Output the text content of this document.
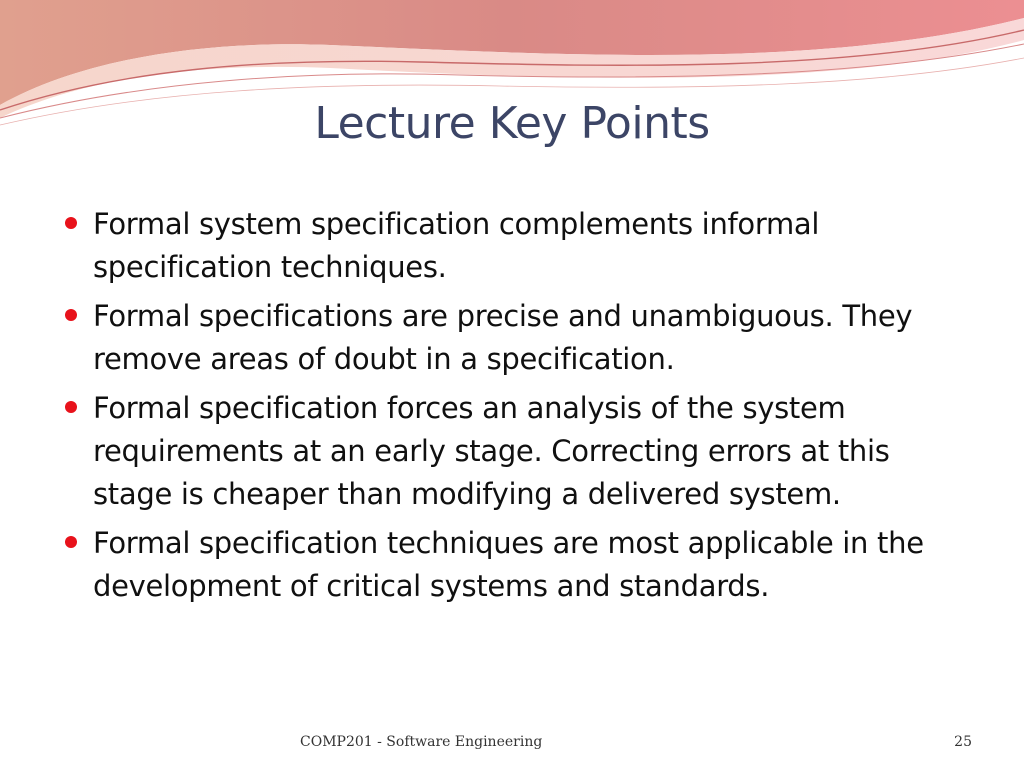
Lecture Key Points
Formal system specification complements informal specification techniques.
Formal specifications are precise and unambiguous. They remove areas of doubt in a specification.
Formal specification forces an analysis of the system requirements at an early stage. Correcting errors at this stage is cheaper than modifying a delivered system.
Formal specification techniques are most applicable in the development of critical systems and standards.
COMP201 - Software Engineering	25
